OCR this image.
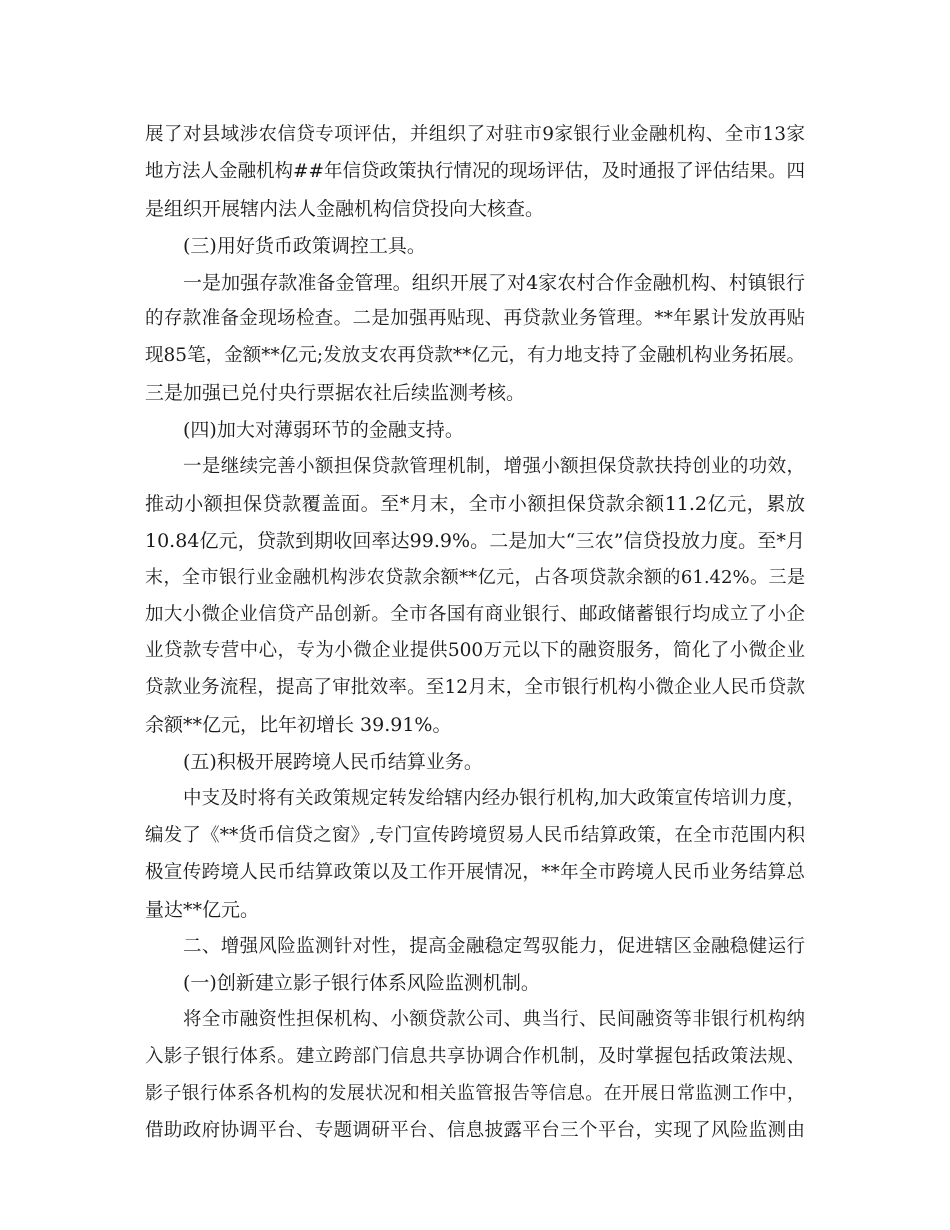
展了对县域涉农信贷专项评估，并组织了对驻市9家银行业金融机构、全市13家
地方法人金融机构##年信贷政策执行情况的现场评估，及时通报了评估结果。四
是组织开展辖内法人金融机构信贷投向大核查。
(三)用好货币政策调控工具。
一是加强存款准备金管理。组织开展了对4家农村合作金融机构、村镇银行
的存款准备金现场检查。二是加强再贴现、再贷款业务管理。**年累计发放再贴
现85笔，金额**亿元;发放支农再贷款**亿元，有力地支持了金融机构业务拓展。
三是加强已兑付央行票据农社后续监测考核。
(四)加大对薄弱环节的金融支持。
一是继续完善小额担保贷款管理机制，增强小额担保贷款扶持创业的功效，
推动小额担保贷款覆盖面。至*月末，全市小额担保贷款余额11.2亿元，累放
10.84亿元，贷款到期收回率达99.9%。二是加大“三农”信贷投放力度。至*月
末，全市银行业金融机构涉农贷款余额**亿元，占各项贷款余额的61.42%。三是
加大小微企业信贷产品创新。全市各国有商业银行、邮政储蓄银行均成立了小企
业贷款专营中心，专为小微企业提供500万元以下的融资服务，简化了小微企业
贷款业务流程，提高了审批效率。至12月末，全市银行机构小微企业人民币贷款
余额**亿元，比年初增长 39.91%。
(五)积极开展跨境人民币结算业务。
中支及时将有关政策规定转发给辖内经办银行机构,加大政策宣传培训力度，
编发了《**货币信贷之窗》,专门宣传跨境贸易人民币结算政策，在全市范围内积
极宣传跨境人民币结算政策以及工作开展情况，**年全市跨境人民币业务结算总
量达**亿元。
二、增强风险监测针对性，提高金融稳定驾驭能力，促进辖区金融稳健运行
(一)创新建立影子银行体系风险监测机制。
将全市融资性担保机构、小额贷款公司、典当行、民间融资等非银行机构纳
入影子银行体系。建立跨部门信息共享协调合作机制，及时掌握包括政策法规、
影子银行体系各机构的发展状况和相关监管报告等信息。在开展日常监测工作中，
借助政府协调平台、专题调研平台、信息披露平台三个平台，实现了风险监测由
